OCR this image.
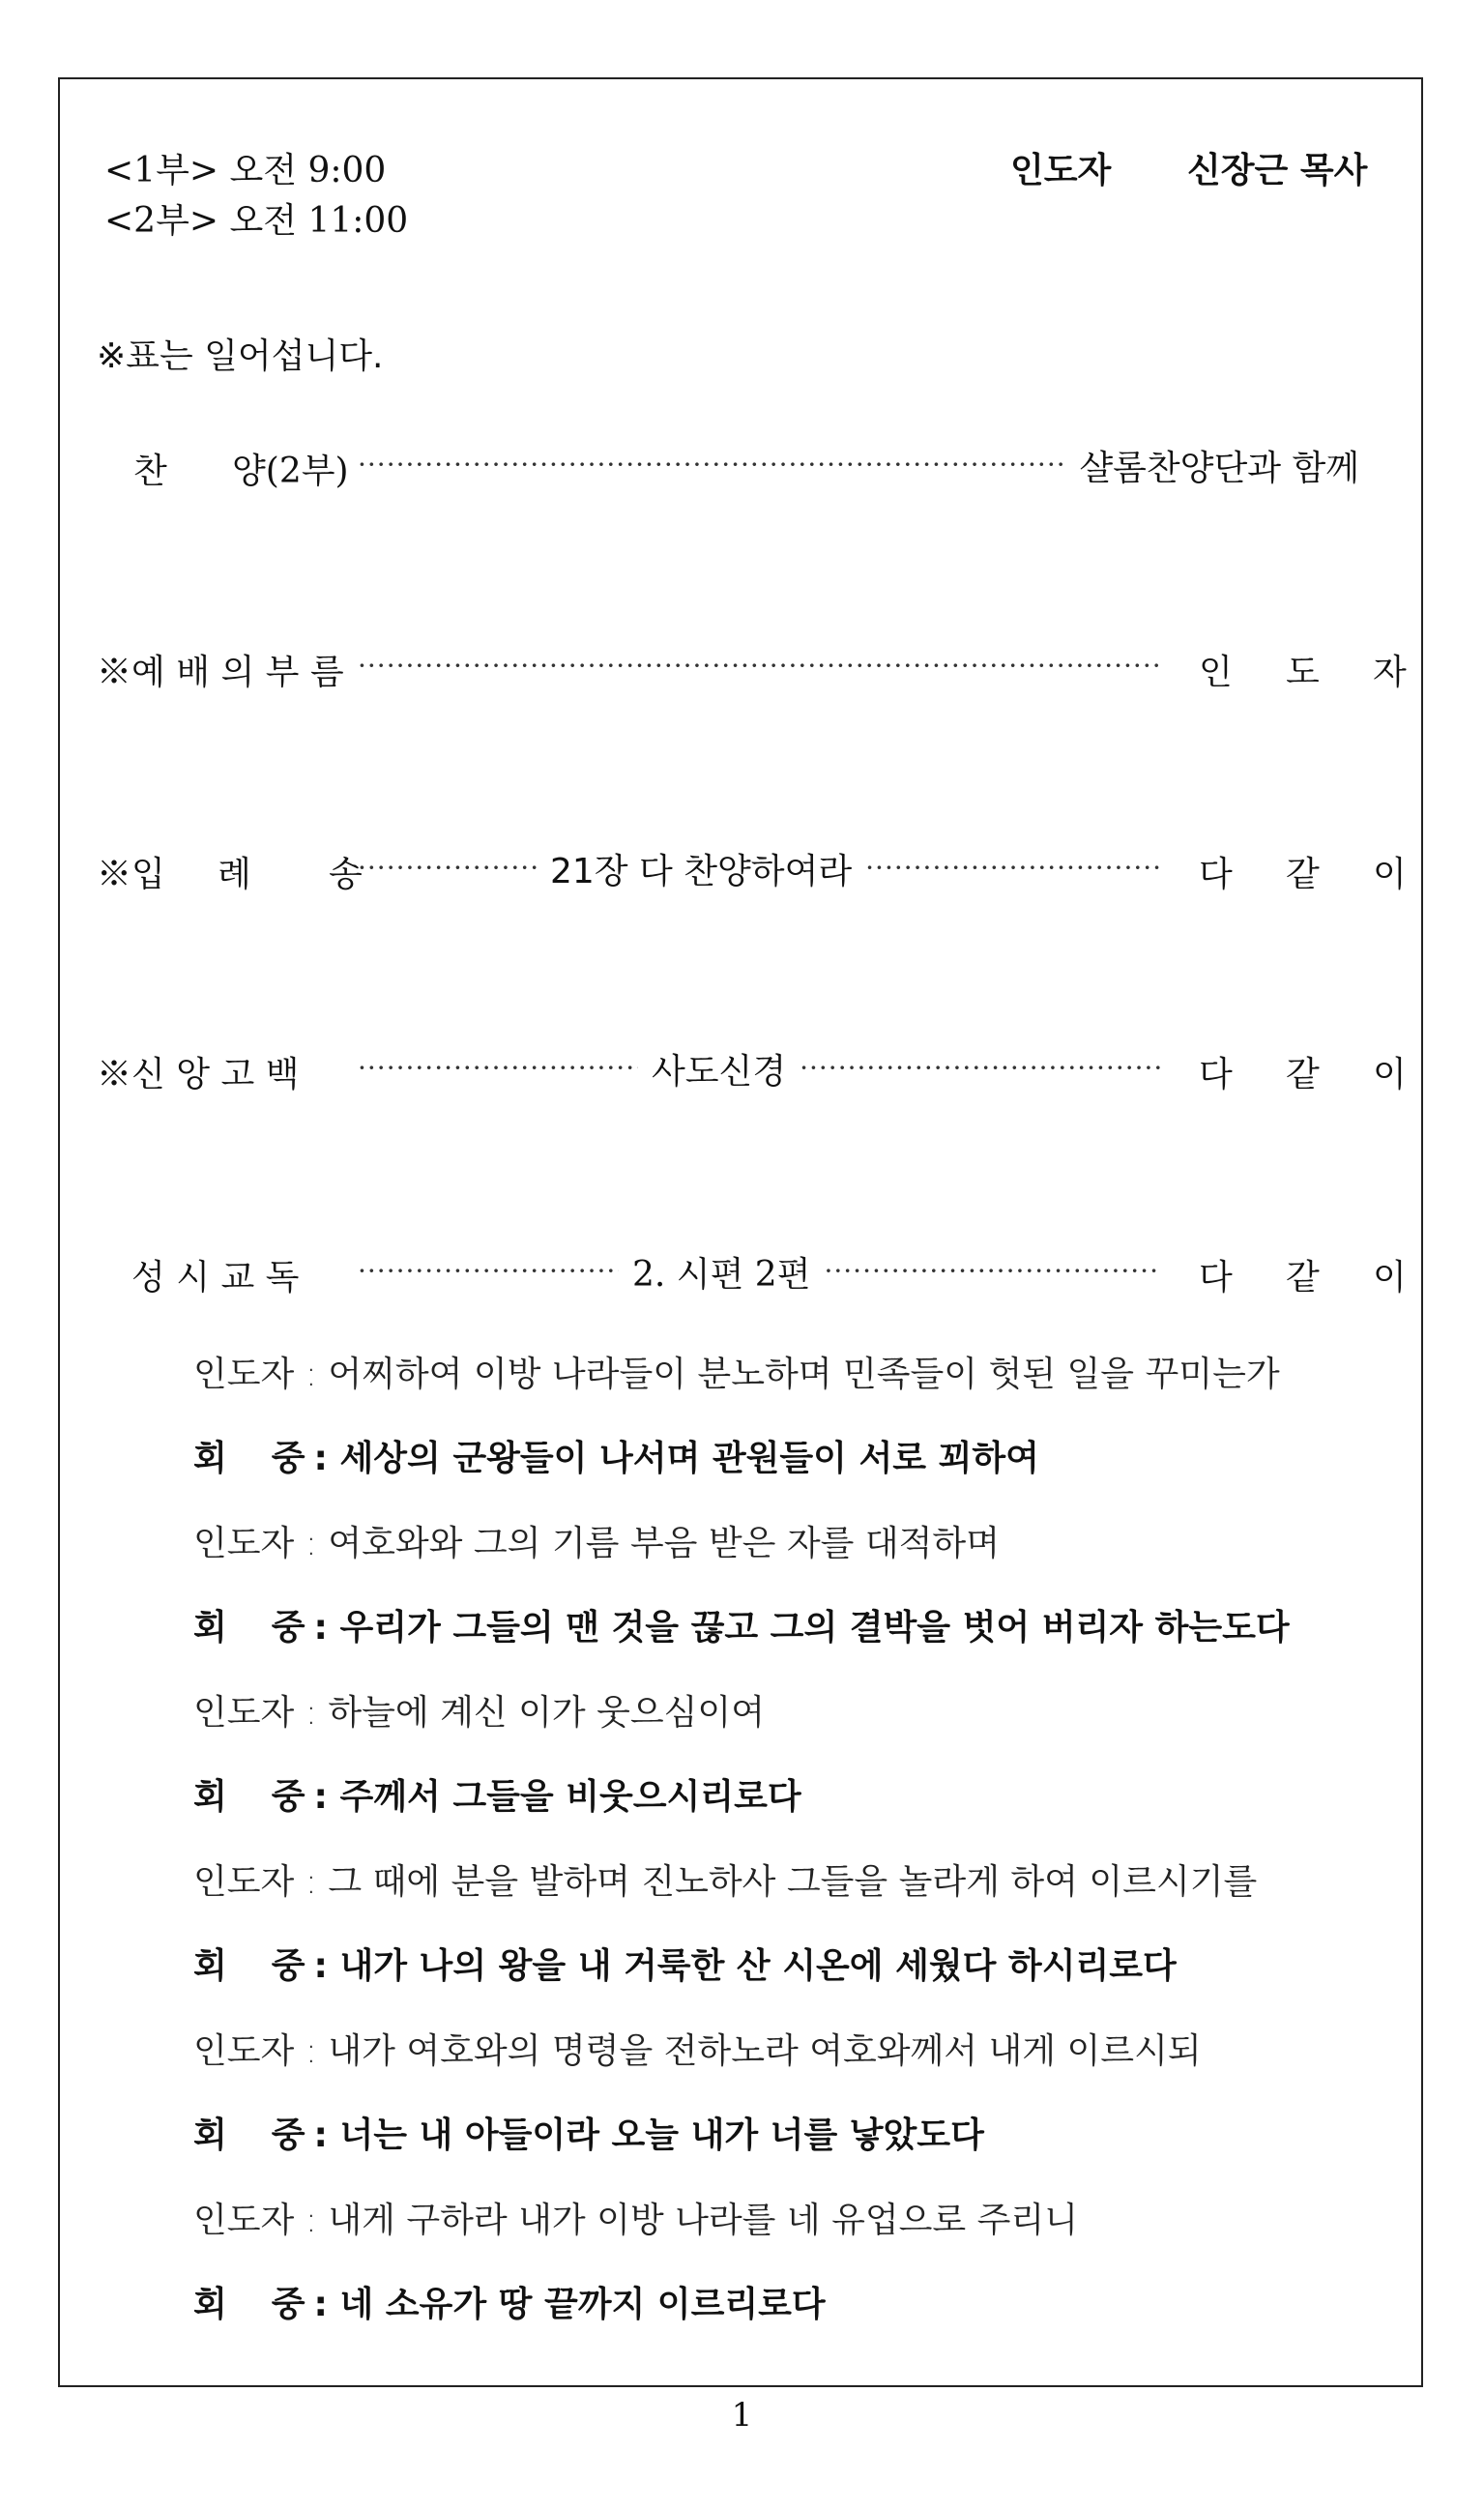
<1부> 오전 9:00
<2부> 오전 11:00
인도자 신장근 목사
※표는 일어섭니다.
찬 양(2부) ·····	샬롬찬양단과 함께
※예 배 의 부 름 ·····	인 도 자
※입 례 송 ·····	21장 다 찬양하여라 ·····	다 같 이
※신 앙 고 백 ·····	사도신경 ·····	다 같 이
성 시 교 독 ·····	2. 시편 2편 ·····	다 같 이
인도자 : 어찌하여 이방 나라들이 분노하며 민족들이 헛된 일을 꾸미는가
회 중 : 세상의 군왕들이 나서며 관원들이 서로 꾀하여
인도자 : 여호와와 그의 기름 부음 받은 자를 대적하며
회 중 : 우리가 그들의 맨 것을 끊고 그의 결박을 벗어 버리자 하는도다
인도자 : 하늘에 계신 이가 웃으심이여
회 중 : 주께서 그들을 비웃으시리로다
인도자 : 그 때에 분을 발하며 진노하사 그들을 놀라게 하여 이르시기를
회 중 : 내가 나의 왕을 내 거룩한 산 시온에 세웠다 하시리로다
인도자 : 내가 여호와의 명령을 전하노라 여호와께서 내게 이르시되
회 중 : 너는 내 아들이라 오늘 내가 너를 낳았도다
인도자 : 내게 구하라 내가 이방 나라를 네 유업으로 주리니
회 중 : 네 소유가 땅 끝까지 이르리로다
1
